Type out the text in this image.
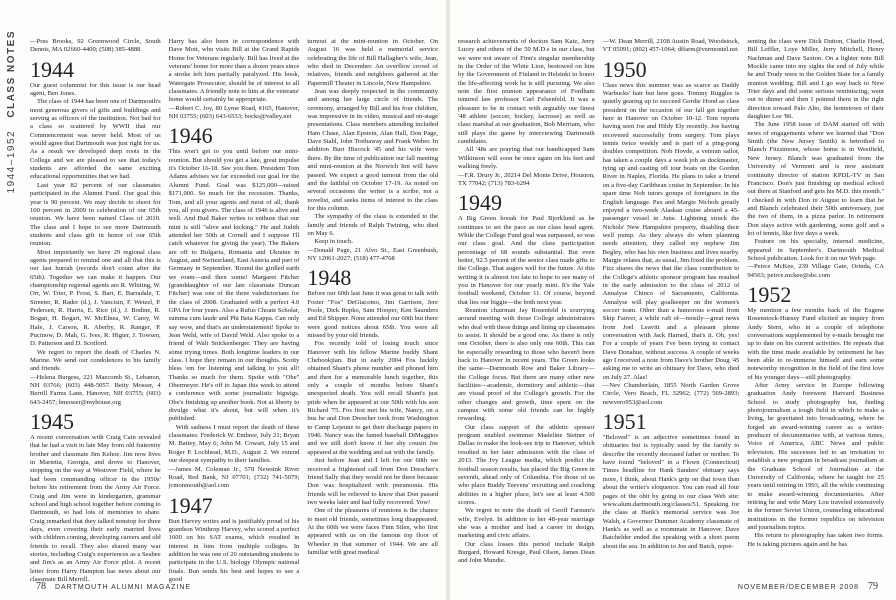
1944–1952 CLASS NOTES —Pres Brooks, 92 Greenwood Circle, South Dennis, MA 02660-4400; (508) 385-4888

1944

Our guest columnist for this issue is our head agent, Ben Jones.

The class of 1944 has been one of Dartmouth's most generous givers of gifts and buildings and serving as officers of the institution. Not bad for a class so scattered by WWII that our Commencement was never held. Most of us would agree that Dartmouth was just right for us. As a result we developed deep roots in the College and we are pleased to see that today's students are afforded the same exciting educational opportunities that we had.

Last year 82 percent of our classmates participated in the Alumni Fund. Our goal this year is 90 percent. We may decide to shoot for 100 percent in 2009 in celebration of our 65th reunion. We have been named Class of 2010. The class and I hope to see more Dartmouth students and class gift in honor of our 65th reunion.

Most importantly we have 29 regional class agents prepared to remind one and all that this is our last hurrah (records don't count after the 65th). Together we can make it happen. Our championship regional agents are R. Whiting, W. Orr, W. Trier, P. Frost, S. Barr, E. Barradale, T. Streeter, R. Rader (d.), J. Vancisin, F. Wetzel, P. Pedersen, R. Harris, E. Rice (d.), J. Bodine, R. Bogan, H. Bogart, W. McElnea, W. Carey, W. Hale, J. Carson, R. Aberby, R. Ranger, P. Pucinow, D. Mah, G. Ives, R. Higier, J. Towsen, D. Patterson and D. Scotford.

We regret to report the death of Charles N. Marine. We send our condolences to his family and friends.

—Helena Burgess, 221 Maecomb St., Lebanon, NH 03766; (603) 448-5057. Betty Mosser, 4 Berrill Farms Lane, Hanover, NH 03755; (603) 643-2457; bmosser@myhouse.org

1945

A recent conversation with Craig Cain revealed that he had a visit in late May from old fraternity brother and classmate Jim Kehoe. Jim now lives in Marietta, Georgia, and drove to Hanover, stopping on the way at Westover Field, where he had been commanding officer in the 1950s' before his retirement from the Army Air Force. Craig and Jim were in kindergarten, grammar school and high school together before coming to Dartmouth, so had lots of memories to share. Craig remarked that they talked nonstop for three days, even covering their early married lives with children coming, developing careers and old friends to recall. They also shared many war stories, including Craig's experiences as a Seabee and Jim's as an Army Air Force pilot. A recent letter from Harry Hampton has news about our classmate Bill Merrill.

Harry has also been in correspondence with Dave Mott, who visits Bill at the Grand Rapids Home for Veterans regularly. Bill has lived at the veterans' home for more than a dozen years since a stroke left him partially paralyzed. His book, Watergate Prosecutor, should be of interest to all classmates. A friendly note to him at the veterans' home would certainly be appropriate.

—Robert C. Joy, 80 Lyme Road, #165, Hanover, NH 03755; (603) 643-6533; bocks@valley.net

1946

This won't get to you until before our mini-reunion. But should you get a late, great impulse it's October 16-18. See you then. President Tom Adams advises we far exceeded our goal for the Alumni Fund. Goal was $125,000—raised $171,000. So much for the recession. Thanks, Tom, and all your agents and most of all, thank you, all you givers. The class of 1946 is alive and well. And Bud Baker writes to enthuse that our mini is still "alive and kicking." He and Judith attended her 50th at Cornell and I suppose I'll catch whatever for giving the year). The Bakers are off to Bulgaria, Romania and Ukraine in August, and Switzerland, East Austria and part of Germany in September. 'Round the girdled earth we roam—and then some! Margaret Fitcher (granddaughter of our late classmate Duncan Fitcher) was one of the three valedictorians for the class of 2008. Graduated with a perfect 4.0 GPA for four years. Also a Rufus Choate Scholar, summa cum laude and Phi Beta Kappa. Can only say wow, and that's an understatement! Spoke to Jean Weld, wife of David Weld. Also spoke to a friend of Walt Snickenberger. They are having some trying times. Both longtime leaders in our class. I hope they remain in our thoughts. Scotty bless 'em for listening and talking to you all! Thanks so much for them. Spoke with "Obe" Obermeyer. He's off to Japan this week to attend a conference with some journalistic bigwigs. Obe's finishing up another book. Not at liberty to divulge what it's about, but will when it's published.

With sadness I must report the death of these classmates: Frederick W. Embree, July 21; Bryan M. Battey, May 6; John M. Cowart, July 15 and Roger P. Lochhead, M.D., August 2. We extend our deepest sympathy to their families.

—James M. Coleman Jr., 578 Newsink River Road, Red Bank, NJ 07701; (732) 741-5079; jcmonmouth@aol.com

1947

Bun Harvey writes and is justifiably proud of his grandson Winthrop Harvey, who scored a perfect 1600 on his SAT exams, which resulted in interest in him from multiple colleges. In addition he was one of 20 outstanding students to participate in the U.S. biology Olympic national finals. Bun sends his best and hopes to see a good

turnout at the mini-reunion in October. On August 16 was held a memorial service celebrating the life of Bill Hallagher's wife, Jean, who died in December. An overflow crowd of relatives, friends and neighbors gathered at the Papermill Theater in Lincoln, New Hampshire.

Jean was deeply respected in the community and among her large circle of friends. The ceremony, arranged by Bill and his four children, was impressive in its video, musical and on-stage presentations. Class members attending included Ham Chase, Alan Epstein, Alan Hall, Don Page, Dave Stahl, John Trethaway and Frank Weber. In addition Burt Hiscock '45 and his wife were there. By the time of publication our fall meeting and mini-reunion at the Norwich Inn will have passed. We expect a good turnout from the old and the faithful on October 17-19. As noted on several occasions the writer is a scribe, not a novelist, and seeks items of interest to the class for this column.

The sympathy of the class is extended to the family and friends of Ralph Twining, who died on May 6.

Keep in touch.

—Donald Page, 21 Alvo St., East Greenbush, NY 12061-2027; (518) 477-4768

1948

Before our 60th last June it was great to talk with Foster "Fos" DeGiacomo, Jim Garrison, Jere Poole, Dick Repko, Sam Hooper, Ken Saunders and Ed Shipper. None attended our 60th but there were good notices about 65th. You were all missed by your old friends.

Fos recently told of losing touch since Hanover with his fellow Marine buddy Shant Chebookjian. But in early 2004 Fos luckily obtained Shant's phone number and phoned him and then for a memorable lunch together, this only a couple of months before Shant's unexpected death. You will recall Shant's just pride when he appeared at our 50th with his son Richard '75. Fos first met his wife, Nancy, on a bus he and Don Drescher took from Washington to Camp Lejeune to get their discharge papers in 1946. Nancy was the famed baseball DiMaggios and we still don't know if her shy cousin Joe appeared at the wedding and sat with the family.

Just before Jean and I left for our 60th we received a frightened call from Don Drescher's friend Sally that they would not be there because Don was hospitalized with pneumonia. His friends will be relieved to know that Don passed two weeks later and had fully recovered. Yow!

One of the pleasures of reunions is the chance to meet old friends, sometimes long disappeared. At the 60th we were faces Finn Silen, who first appeared with us on the famous top floor of Wheeler in that summer of 1944. We are all familiar with great medical

78 DARTMOUTH ALUMNI MAGAZINE

research achievements of doctors Sam Katz, Jerry Lucey and others of the 50 M.D.s in our class, but we were not aware of Finn's singular membership in the Order of the White Lion, bestowed on him by the Government of Finland in Helsinki to honor the life-affecting work he is still pursuing. We also note the first reunion appearance of Fordham tenured law professor Carl Felsenfeld. It was a pleasure to be in contact with arguably our finest '48 athlete (soccer, hockey, lacrosse) as well as class marshal at our graduation, Bob Merriam, who still plays the game by interviewing Dartmouth candidates.

All '48s are praying that our handicapped Sam Wilkinson will soon be once again on his feet and walking freely.

—F.R. Drury Jr., 20214 Del Monte Drive, Houston, TX 77042; (713) 783-6294

1949

A Big Green hooah for Paul Bjorklund as he continues to set the pace as our class head agent. While the College Fund goal was surpassed, so was our class goal. And the class participation percentage of 68 sounds substantial. But even better, 92.5 percent of the senior class made gifts to the College. That augers well for the future. At this writing it is almost too late to hope to see many of you in Hanover for our yearly mini. It's the Yale football weekend, October 11. Of course, beyond that lies our biggie—the both next year.

Reunion chairman Jay Rosenfeld is scurrying around meeting with those College administrators who deal with these things and lining up classmates to assist. It should be a good one. As there is only one October, there is also only one 60th. This can be especially rewarding to those who haven't been back to Hanover in recent years. The Green looks the same—Dartmouth Row and Baker Library—the College focus. But there are many other new facilities—academic, dormitory and athletic—that are visual proof of the College's growth. For the other changes and growth, time spent on the campus with some old friends can be highly rewarding.

Our class support of the athletic sponsor program enabled swimmer Madeline Steiner of Dallas to make the look-see trip to Hanover, which resulted in her later admission with the class of 2013. The Ivy League media, which predict the football season results, has placed the Big Green in seventh, ahead only of Columbia. For those of us who place Buddy Teevens' recruiting and coaching abilities in a higher place, let's see at least 4.500 scores.

We regret to note the death of Geoff Farnum's wife, Evelyn. In addition to her 48-year marriage she was a mother and had a career in design, marketing and civic affairs.

Our class losses this period include Ralph Burgard, Howard Kresge, Paul Olson, James Dean and John Mundie.

—W. Dean Merrill, 2108 Austin Road, Woodstock, VT 05091; (802) 457-1064; dffarm@vermontel.net

1950

Class news this summer was as scarce as Daddy Warbucks' hair but here goes. Tommy Ruggles is quietly gearing up to succeed Gordie Hood as class president on the occasion of our fall get together here in Hanover on October 10-12. Tom reports having seen Joe and Hildy Ely recently. Joe having recovered successfully from surgery. Tom plays tennis twice weekly and is part of a ping-pong doubles competition. Nob Hovde, a veteran sailor, has taken a couple days a week job as dockmaster, tying up and casting off tour boats on the Gordon River in Naples, Florida. He plans to take a friend on a five-day Caribbean cruise in September. In his spare time Nob tutors groups of foreigners in the English language. Pax and Margie Nichols greatly enjoyed a two-week Alaskan cruise aboard a 45-passenger vessel in June. Lightning struck the Nichols' New Hampshire property, disabling their well pump. As they always do when planning needs attention, they called my nephew Jim Begley, who has his own business and lives nearby. Margie relates that, as usual, Jim fixed the problem. Fizz shares the news that the class contribution to the College's athletic sponsor program has resulted in the early admission to the class of 2012 of Annalyse Chinco of Sacramento, California. Annalyse will play goalkeeper on the women's soccer team. Other than a humorous e-mail from Skip Fauver, a while raft of—mostly—great news from Joel Leavitt and a pleasant phone conversation with Jack Harned, that's it. Oh, yes! For a couple of years I've been trying to contact Dave Donahue, without success. A couple of weeks ago I received a note from Dave's brother Doug '45 asking me to write an obituary for Dave, who died on July 27. Alas!

—Nev Chamberlain, 1855 North Garden Grove Circle, Vero Beach, FL 32962; (772) 569-2893; newvero953@aol.com

1951

"Beloved" is an adjective sometimes found in obituaries but is typically used by the family to describe the recently deceased father or mother. To have found "beloved" in a Flown (Connecticut) Times headline for Hank Sanders' obituary says more, I think, about Hank's grip on that town than about the writer's eloquence. You can read all four pages of the obit by going to our class Web site: www.alum.dartmouth.org/classes/51. Speaking for the class at Hank's memorial service was Joe Walsh, a Governor Dummer Academy classmate of Hank's as well as a roommate in Hanover. Dave Batchelder ended the speaking with a short poem about the sea. In addition to Joe and Batch, repre-

senting the class were Dick Dutton, Charlie Hood, Bill Leffler, Loye Miller, Jerry Mitchell, Henry Nachman and Dave Saxton. On a lighter note Bill Mockle came into my sights the end of July while he and Trudy were in the Golden State for a family reunion wedding. Bill and I go way back to New Trier days and did some serious reminiscing, went out to dinner and then I pointed them in the right direction toward Palo Alto, the hometown of their daughter Lee '86.

The June 1958 issue of DAM started off with news of engagements where we learned that "Don Smith (the New Jersey Smith) is betrothed to Blanch Fitzsimons, whose home is in Westfield, New Jersey. Blanch was graduated from the University of Vermont and is now assistant continuity director of station KPDL-TV in San Francisco. Don's just finishing up medical school out there at Stanford and gets his M.D. this month." I checked in with Don in August to learn that he and Blanch celebrated their 50th anniversary, just the two of them, in a pizza parlor. In retirement Don stays active with gardening, some golf and a lot of tennis, like five days a week.

Feature on his specialty, internal medicine, appeared in September's Dartmouth Medical School publication. Look for it on our Web page.

—Peirce McKee, 239 Village Gate, Orinda, CA 94563; peirce.mckee@sbc.com

1952

My mention a few months back of the Eugene Rosenstock-Huessy Fund elicited an inquiry from Andy Stern, who in a couple of telephone conversations supplemented by e-mails brought me up to date on his current activities. He repeats that with the time made available by retirement he has been able to re-immerse himself and earn some noteworthy recognition in the field of the first love of his younger days—still photography.

After Army service in Europe following graduation Andy forewent Harvard Business School to study photography but, finding photojournalism a tough field in which to make a living, he gravitated into broadcasting, where he forged an award-winning career as a writer-producer of documentaries with, at various times, Voice of America, ABC News and public television. His successes led to an invitation to establish a new program in broadcast journalism at the Graduate School of Journalism at the University of California, where he taught for 25 years until retiring in 1993, all the while continuing to make award-winning documentaries. After retiring he and wife Mary Lou traveled extensively in the former Soviet Union, counseling educational institutions in the former republics on television and journalism topics.

His return to photography has taken two forms. He is taking pictures again and he has

NOVEMBER/DECEMBER 2008 79
